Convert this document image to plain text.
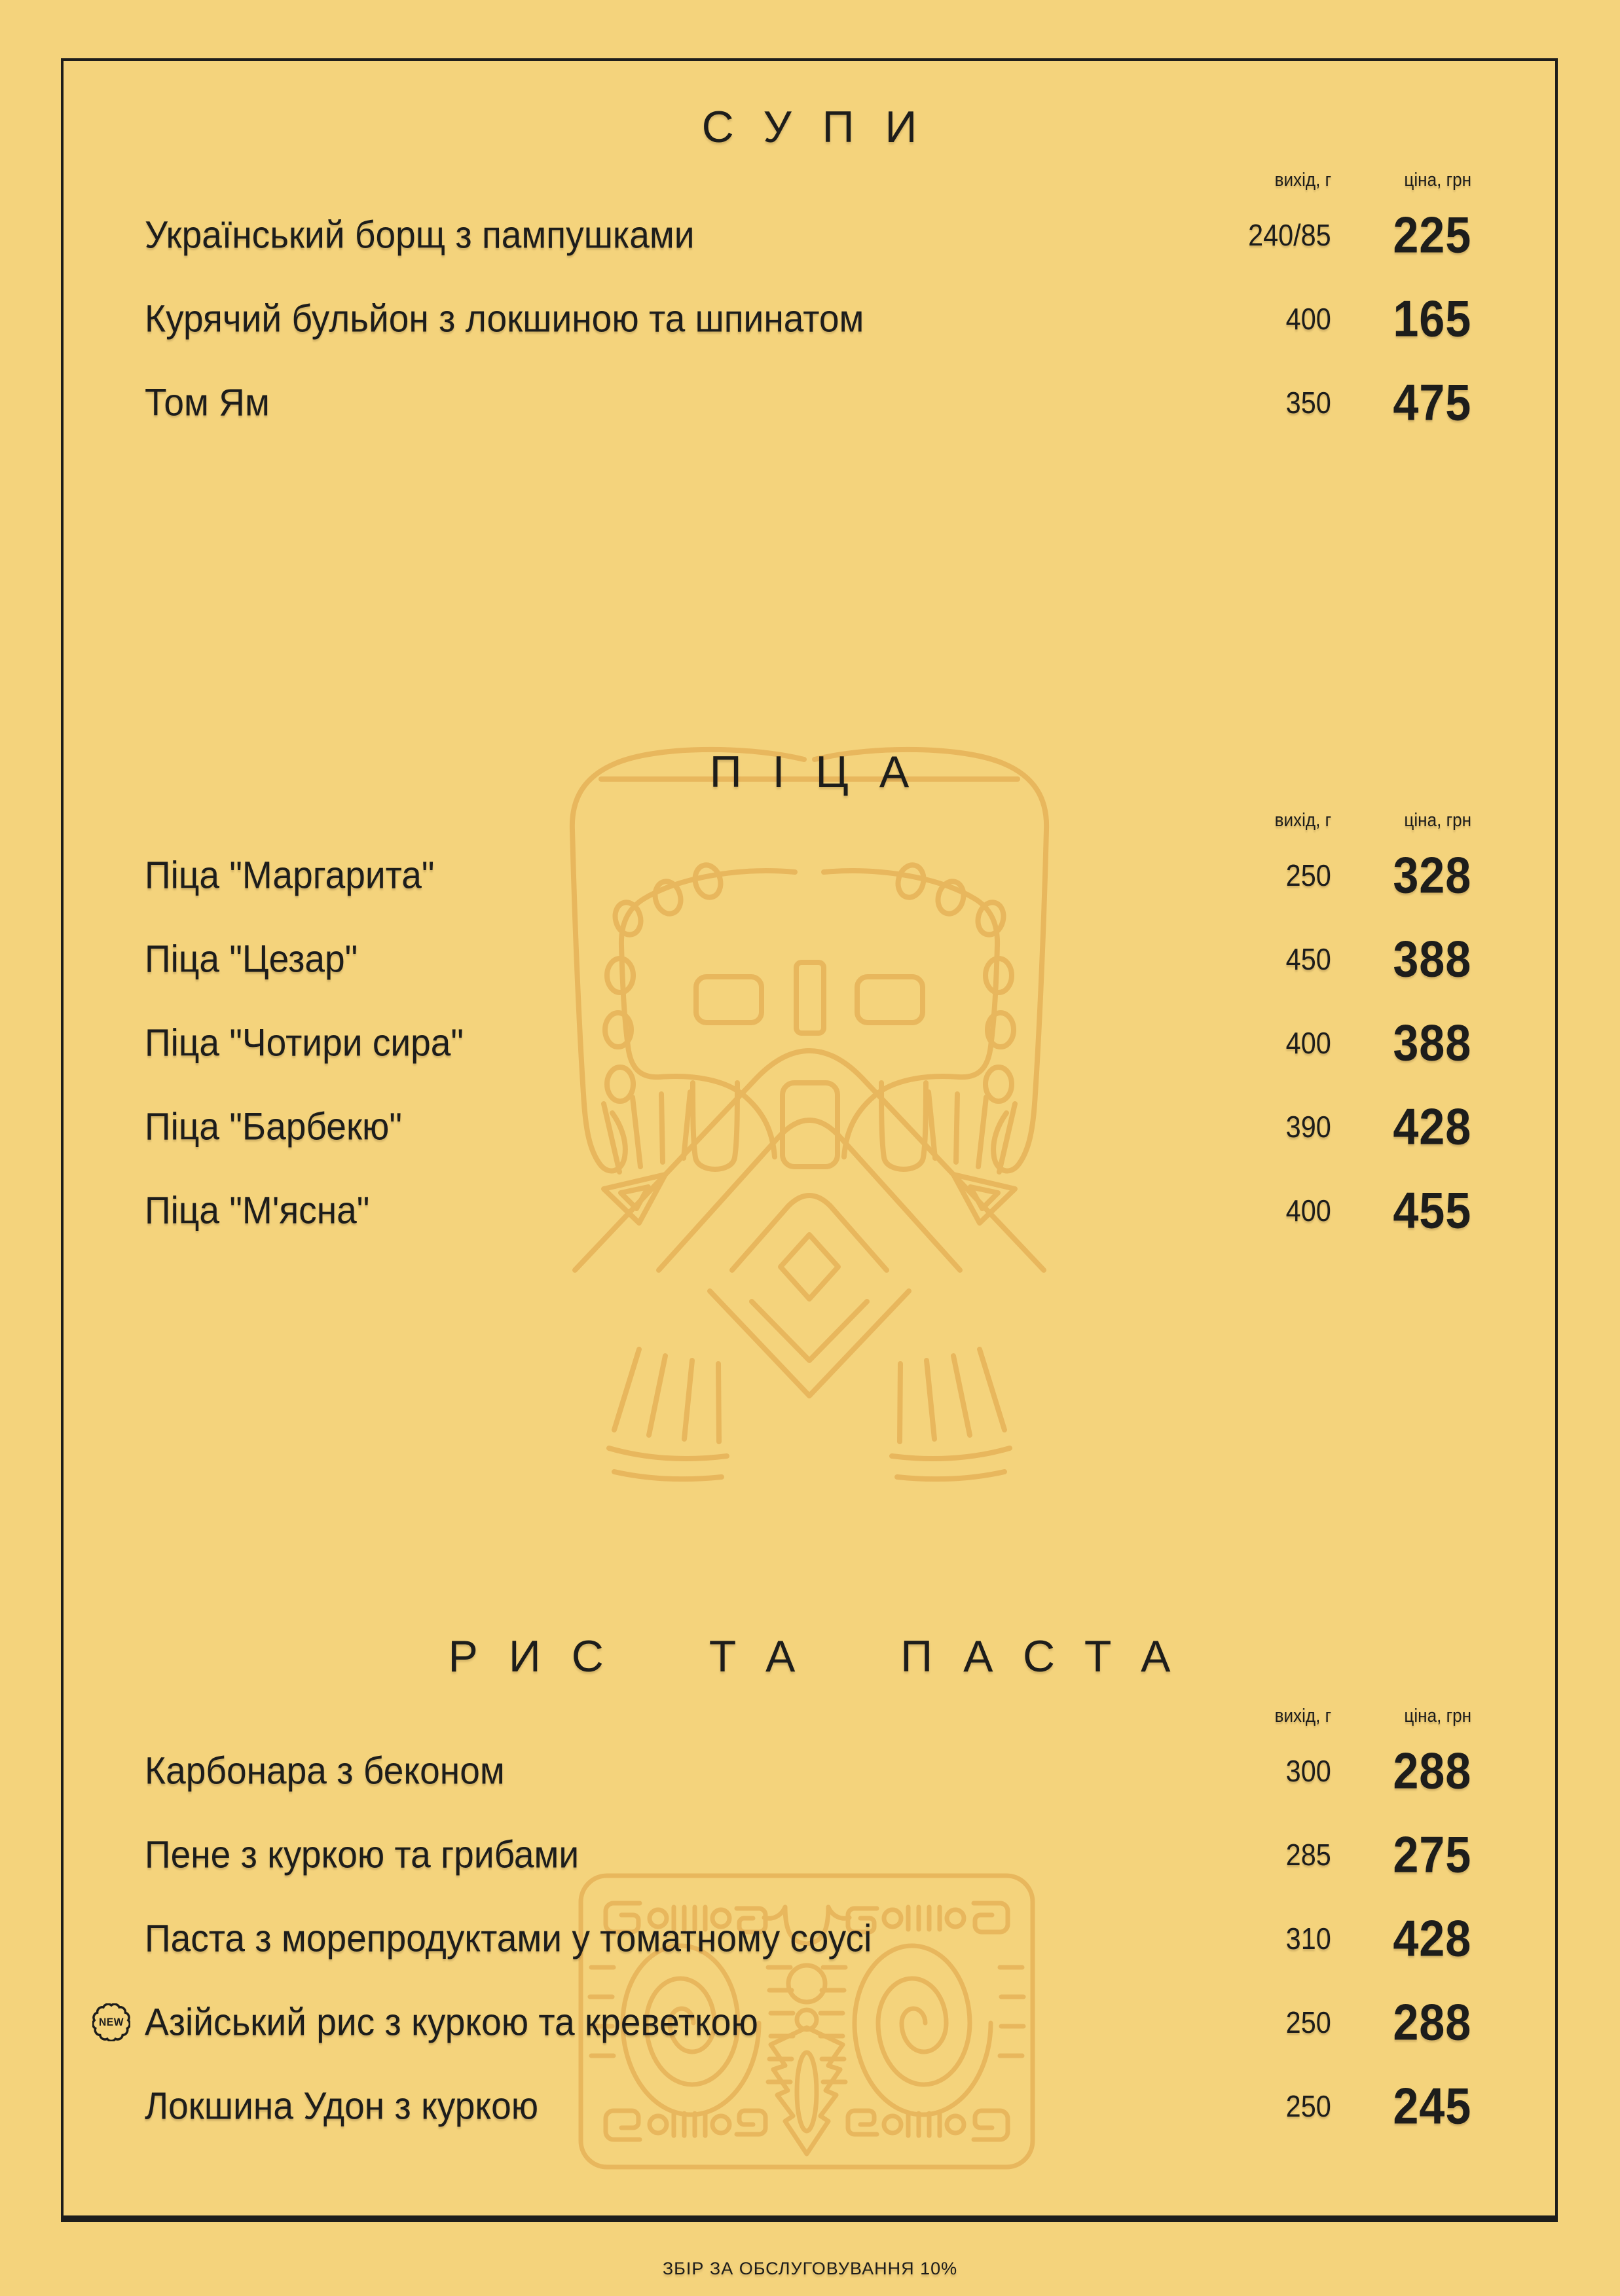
СУПИ
вихід, г	ціна, грн
Український борщ з пампушками	240/85 225
Курячий бульйон з локшиною та шпинатом	400 165
Том Ям	350 475
ПІЦА
вихід, г	ціна, грн
Піца "Маргарита"	250 328
Піца "Цезар"	450 388
Піца "Чотири сира"	400 388
Піца "Барбекю"	390 428
Піца "М'ясна"	400 455
РИС ТА ПАСТА
вихід, г	ціна, грн
Карбонара з беконом	300 288
Пене з куркою та грибами	285 275
Паста з морепродуктами у томатному соусі	310 428
Азійський рис з куркою та креветкою	250 288
NEW
Локшина Удон з куркою	250 245
ЗБІР ЗА ОБСЛУГОВУВАННЯ 10%
